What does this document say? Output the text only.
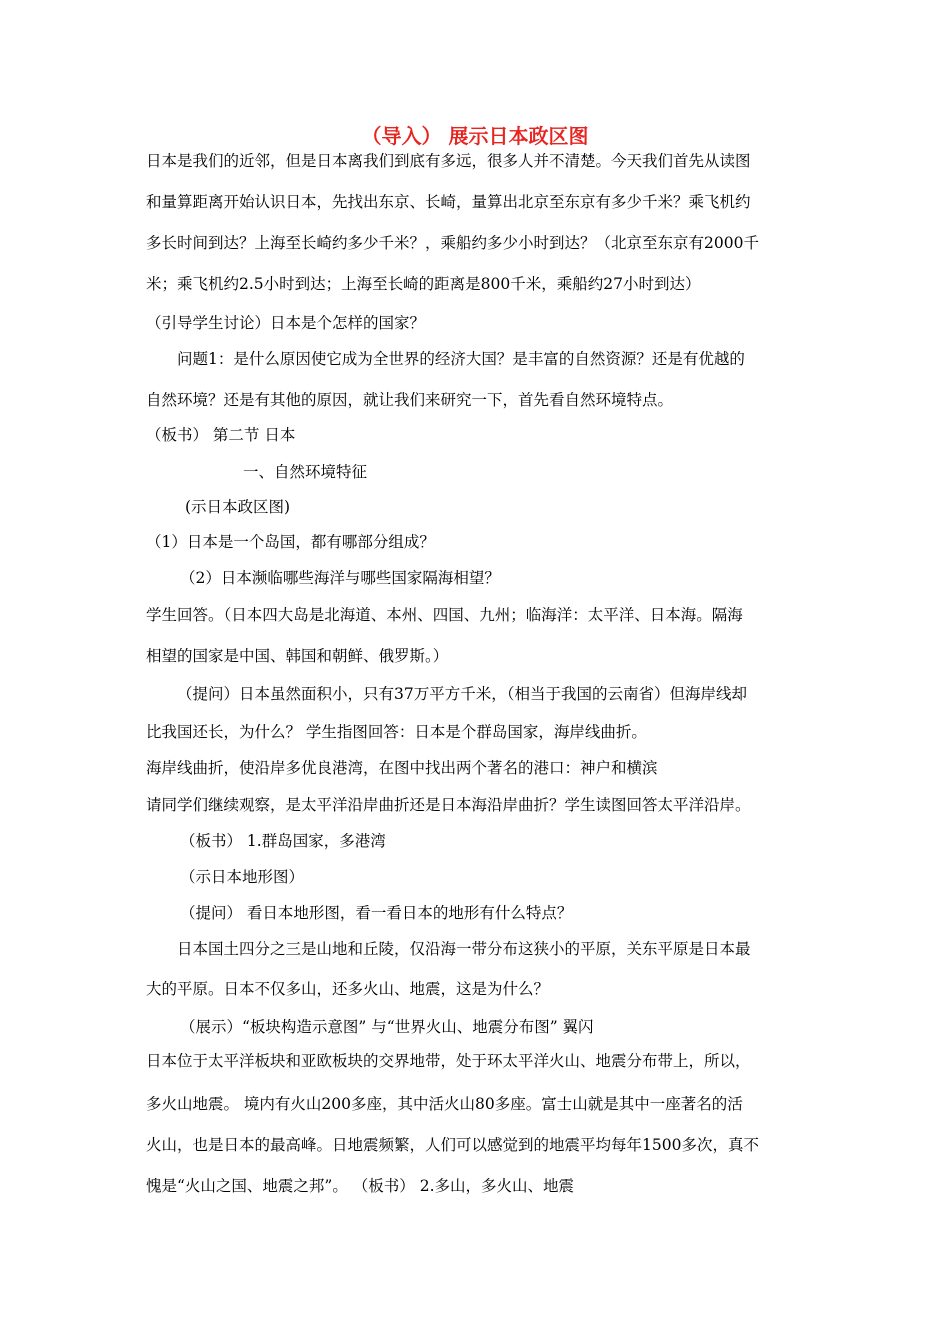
（导入） 展示日本政区图
日本是我们的近邻，但是日本离我们到底有多远，很多人并不清楚。今天我们首先从读图
和量算距离开始认识日本，先找出东京、长崎，量算出北京至东京有多少千米？乘飞机约
多长时间到达？上海至长崎约多少千米？，乘船约多少小时到达？（北京至东京有2000千
米；乘飞机约2.5小时到达；上海至长崎的距离是800千米，乘船约27小时到达）
（引导学生讨论）日本是个怎样的国家？
问题1：是什么原因使它成为全世界的经济大国？是丰富的自然资源？还是有优越的
自然环境？还是有其他的原因，就让我们来研究一下，首先看自然环境特点。
（板书） 第二节 日本
一、自然环境特征
(示日本政区图)
（1）日本是一个岛国，都有哪部分组成？
（2）日本濒临哪些海洋与哪些国家隔海相望？
学生回答。（日本四大岛是北海道、本州、四国、九州；临海洋：太平洋、日本海。隔海
相望的国家是中国、韩国和朝鲜、俄罗斯。）
（提问）日本虽然面积小，只有37万平方千米，（相当于我国的云南省）但海岸线却
比我国还长，为什么？ 学生指图回答：日本是个群岛国家，海岸线曲折。
海岸线曲折，使沿岸多优良港湾，在图中找出两个著名的港口：神户和横滨
请同学们继续观察，是太平洋沿岸曲折还是日本海沿岸曲折？学生读图回答太平洋沿岸。
（板书） 1.群岛国家，多港湾
（示日本地形图）
（提问） 看日本地形图，看一看日本的地形有什么特点？
日本国土四分之三是山地和丘陵，仅沿海一带分布这狭小的平原，关东平原是日本最
大的平原。日本不仅多山，还多火山、地震，这是为什么？
（展示）“板块构造示意图” 与“世界火山、地震分布图” 翼闪
日本位于太平洋板块和亚欧板块的交界地带，处于环太平洋火山、地震分布带上，所以，
多火山地震。 境内有火山200多座，其中活火山80多座。富士山就是其中一座著名的活
火山，也是日本的最高峰。日地震频繁，人们可以感觉到的地震平均每年1500多次，真不
愧是“火山之国、地震之邦”。 （板书） 2.多山，多火山、地震
